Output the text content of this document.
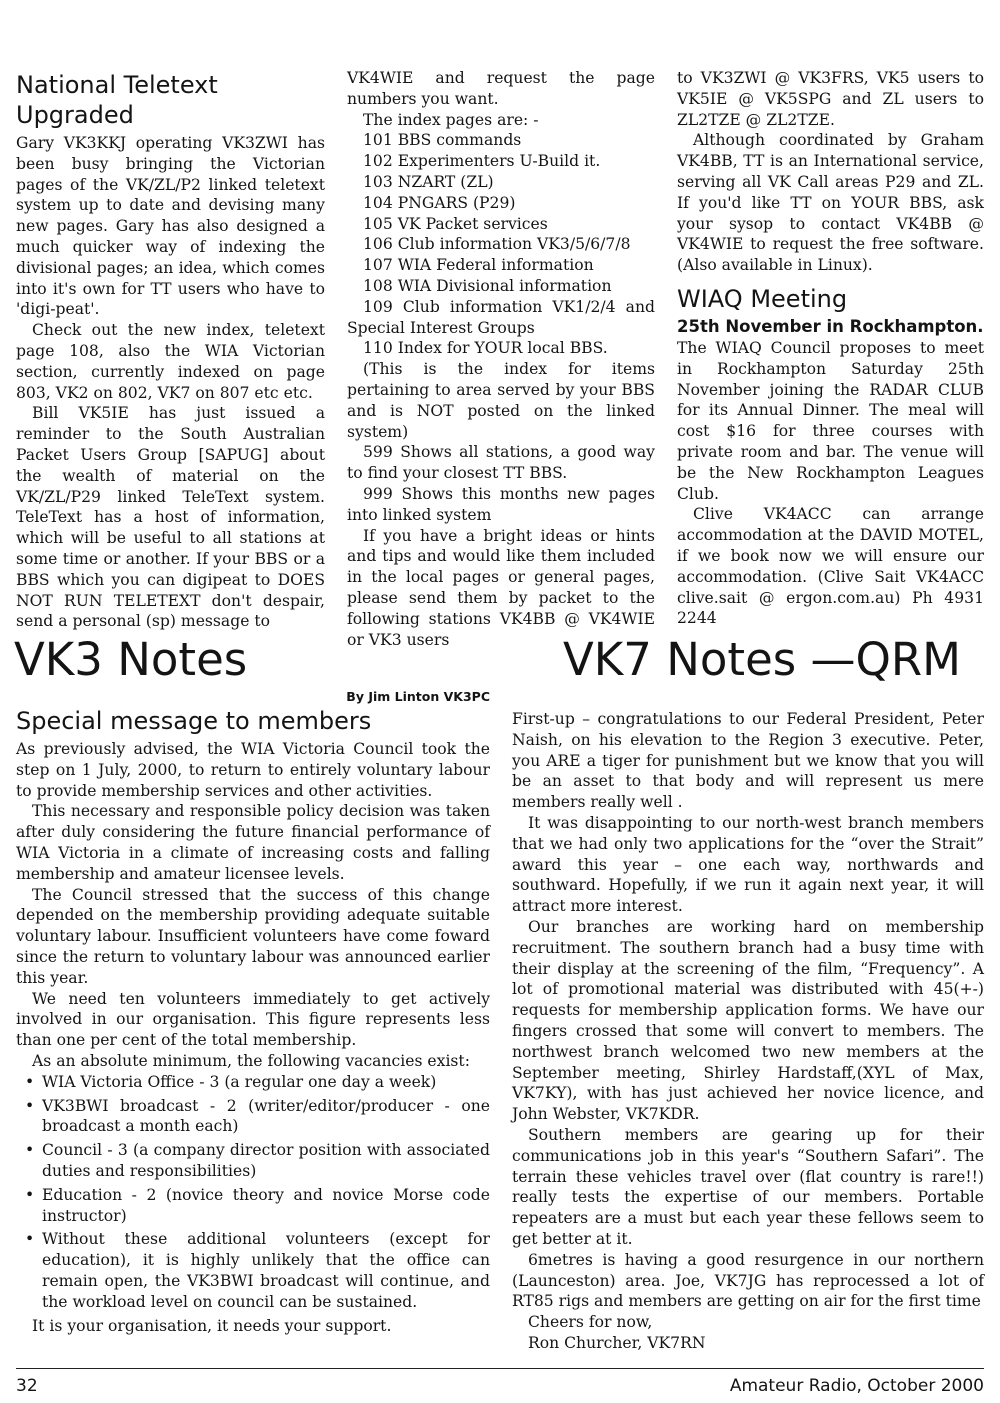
National Teletext Upgraded

Gary VK3KKJ operating VK3ZWI has been busy bringing the Victorian pages of the VK/ZL/P2 linked teletext system up to date and devising many new pages. Gary has also designed a much quicker way of indexing the divisional pages; an idea, which comes into it's own for TT users who have to 'digi-peat'.

Check out the new index, teletext page 108, also the WIA Victorian section, currently indexed on page 803, VK2 on 802, VK7 on 807 etc etc.

Bill VK5IE has just issued a reminder to the South Australian Packet Users Group [SAPUG] about the wealth of material on the VK/ZL/P29 linked TeleText system. TeleText has a host of information, which will be useful to all stations at some time or another. If your BBS or a BBS which you can digipeat to DOES NOT RUN TELETEXT don't despair, send a personal (sp) message to

VK4WIE and request the page numbers you want.

The index pages are: -

101 BBS commands

102 Experimenters U-Build it.

103 NZART (ZL)

104 PNGARS (P29)

105 VK Packet services

106 Club information VK3/5/6/7/8

107 WIA Federal information

108 WIA Divisional information

109 Club information VK1/2/4 and Special Interest Groups

110 Index for YOUR local BBS.

(This is the index for items pertaining to area served by your BBS and is NOT posted on the linked system)

599 Shows all stations, a good way to find your closest TT BBS.

999 Shows this months new pages into linked system

If you have a bright ideas or hints and tips and would like them included in the local pages or general pages, please send them by packet to the following stations VK4BB @ VK4WIE or VK3 users

to VK3ZWI @ VK3FRS, VK5 users to VK5IE @ VK5SPG and ZL users to ZL2TZE @ ZL2TZE.

Although coordinated by Graham VK4BB, TT is an International service, serving all VK Call areas P29 and ZL. If you'd like TT on YOUR BBS, ask your sysop to contact VK4BB @ VK4WIE to request the free software. (Also available in Linux).

WIAQ Meeting
25th November in Rockhampton.

The WIAQ Council proposes to meet in Rockhampton Saturday 25th November joining the RADAR CLUB for its Annual Dinner. The meal will cost $16 for three courses with private room and bar. The venue will be the New Rockhampton Leagues Club.

Clive VK4ACC can arrange accommodation at the DAVID MOTEL, if we book now we will ensure our accommodation. (Clive Sait VK4ACC clive.sait @ ergon.com.au) Ph 4931 2244

VK3 Notes
By Jim Linton VK3PC
VK7 Notes —QRM
Special message to members

As previously advised, the WIA Victoria Council took the step on 1 July, 2000, to return to entirely voluntary labour to provide membership services and other activities.

This necessary and responsible policy decision was taken after duly considering the future financial performance of WIA Victoria in a climate of increasing costs and falling membership and amateur licensee levels.

The Council stressed that the success of this change depended on the membership providing adequate suitable voluntary labour. Insufficient volunteers have come foward since the return to voluntary labour was announced earlier this year.

We need ten volunteers immediately to get actively involved in our organisation. This figure represents less than one per cent of the total membership.

As an absolute minimum, the following vacancies exist:

• WIA Victoria Office - 3 (a regular one day a week)
• VK3BWI broadcast - 2 (writer/editor/producer - one broadcast a month each)
• Council - 3 (a company director position with associated duties and responsibilities)
• Education - 2 (novice theory and novice Morse code instructor)
• Without these additional volunteers (except for education), it is highly unlikely that the office can remain open, the VK3BWI broadcast will continue, and the workload level on council can be sustained.

It is your organisation, it needs your support.

First-up – congratulations to our Federal President, Peter Naish, on his elevation to the Region 3 executive. Peter, you ARE a tiger for punishment but we know that you will be an asset to that body and will represent us mere members really well .

It was disappointing to our north-west branch members that we had only two applications for the “over the Strait” award this year – one each way, northwards and southward. Hopefully, if we run it again next year, it will attract more interest.

Our branches are working hard on membership recruitment. The southern branch had a busy time with their display at the screening of the film, “Frequency”. A lot of promotional material was distributed with 45(+-) requests for membership application forms. We have our fingers crossed that some will convert to members. The northwest branch welcomed two new members at the September meeting, Shirley Hardstaff,(XYL of Max, VK7KY), with has just achieved her novice licence, and John Webster, VK7KDR.

Southern members are gearing up for their communications job in this year's “Southern Safari”. The terrain these vehicles travel over (flat country is rare!!) really tests the expertise of our members. Portable repeaters are a must but each year these fellows seem to get better at it.

6metres is having a good resurgence in our northern (Launceston) area. Joe, VK7JG has reprocessed a lot of RT85 rigs and members are getting on air for the first time

Cheers for now,

Ron Churcher, VK7RN

32	Amateur Radio, October 2000
